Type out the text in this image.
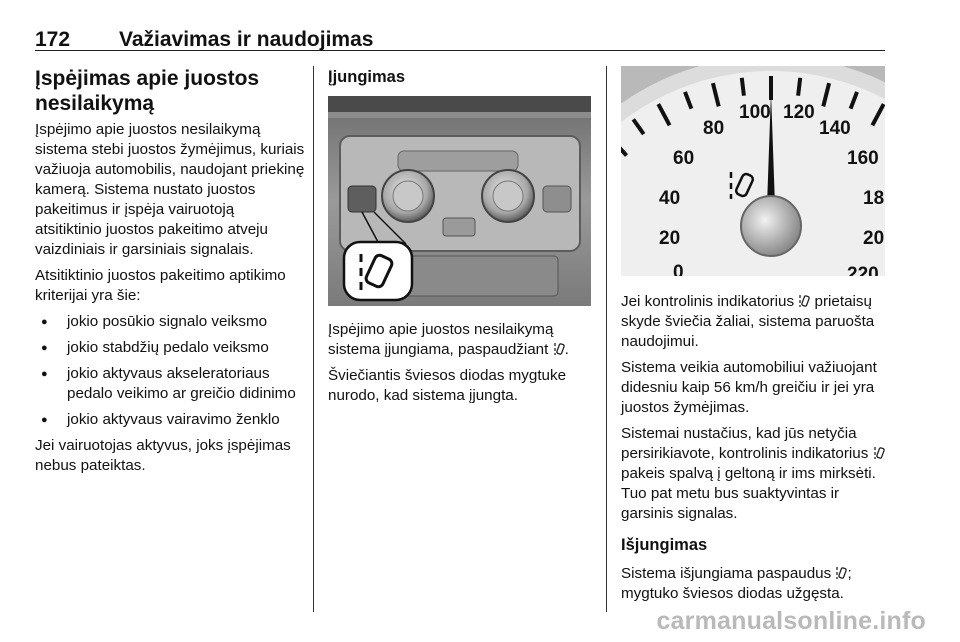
172 Važiavimas ir naudojimas
Įspėjimas apie juostos nesilaikymą

Įspėjimo apie juostos nesilaikymą sistema stebi juostos žymėjimus, kuriais važiuoja automobilis, naudojant priekinę kamerą. Sistema nustato juostos pakeitimus ir įspėja vairuotoją atsitiktinio juostos pakeitimo atveju vaizdiniais ir garsiniais signalais.

Atsitiktinio juostos pakeitimo aptikimo kriterijai yra šie:

● jokio posūkio signalo veiksmo
● jokio stabdžių pedalo veiksmo
● jokio aktyvaus akseleratoriaus pedalo veikimo ar greičio didinimo
● jokio aktyvaus vairavimo ženklo

Jei vairuotojas aktyvus, joks įspėjimas nebus pateiktas.

Įjungimas

Įspėjimo apie juostos nesilaikymą sistema įjungiama, paspaudžiant .

Šviečiantis šviesos diodas mygtuke nurodo, kad sistema įjungta.

0
20
40
60
80
100 120
140
160
18
20
220

Jei kontrolinis indikatorius prietaisų skyde šviečia žaliai, sistema paruošta naudojimui.

Sistema veikia automobiliui važiuojant didesniu kaip 56 km/h greičiu ir jei yra juostos žymėjimas.

Sistemai nustačius, kad jūs netyčia persirikiavote, kontrolinis indikatorius  pakeis spalvą į geltoną ir ims mirksėti. Tuo pat metu bus suaktyvintas ir garsinis signalas.

Išjungimas

Sistema išjungiama paspaudus ;

mygtuko šviesos diodas užgęsta.

carmanualsonline.info
